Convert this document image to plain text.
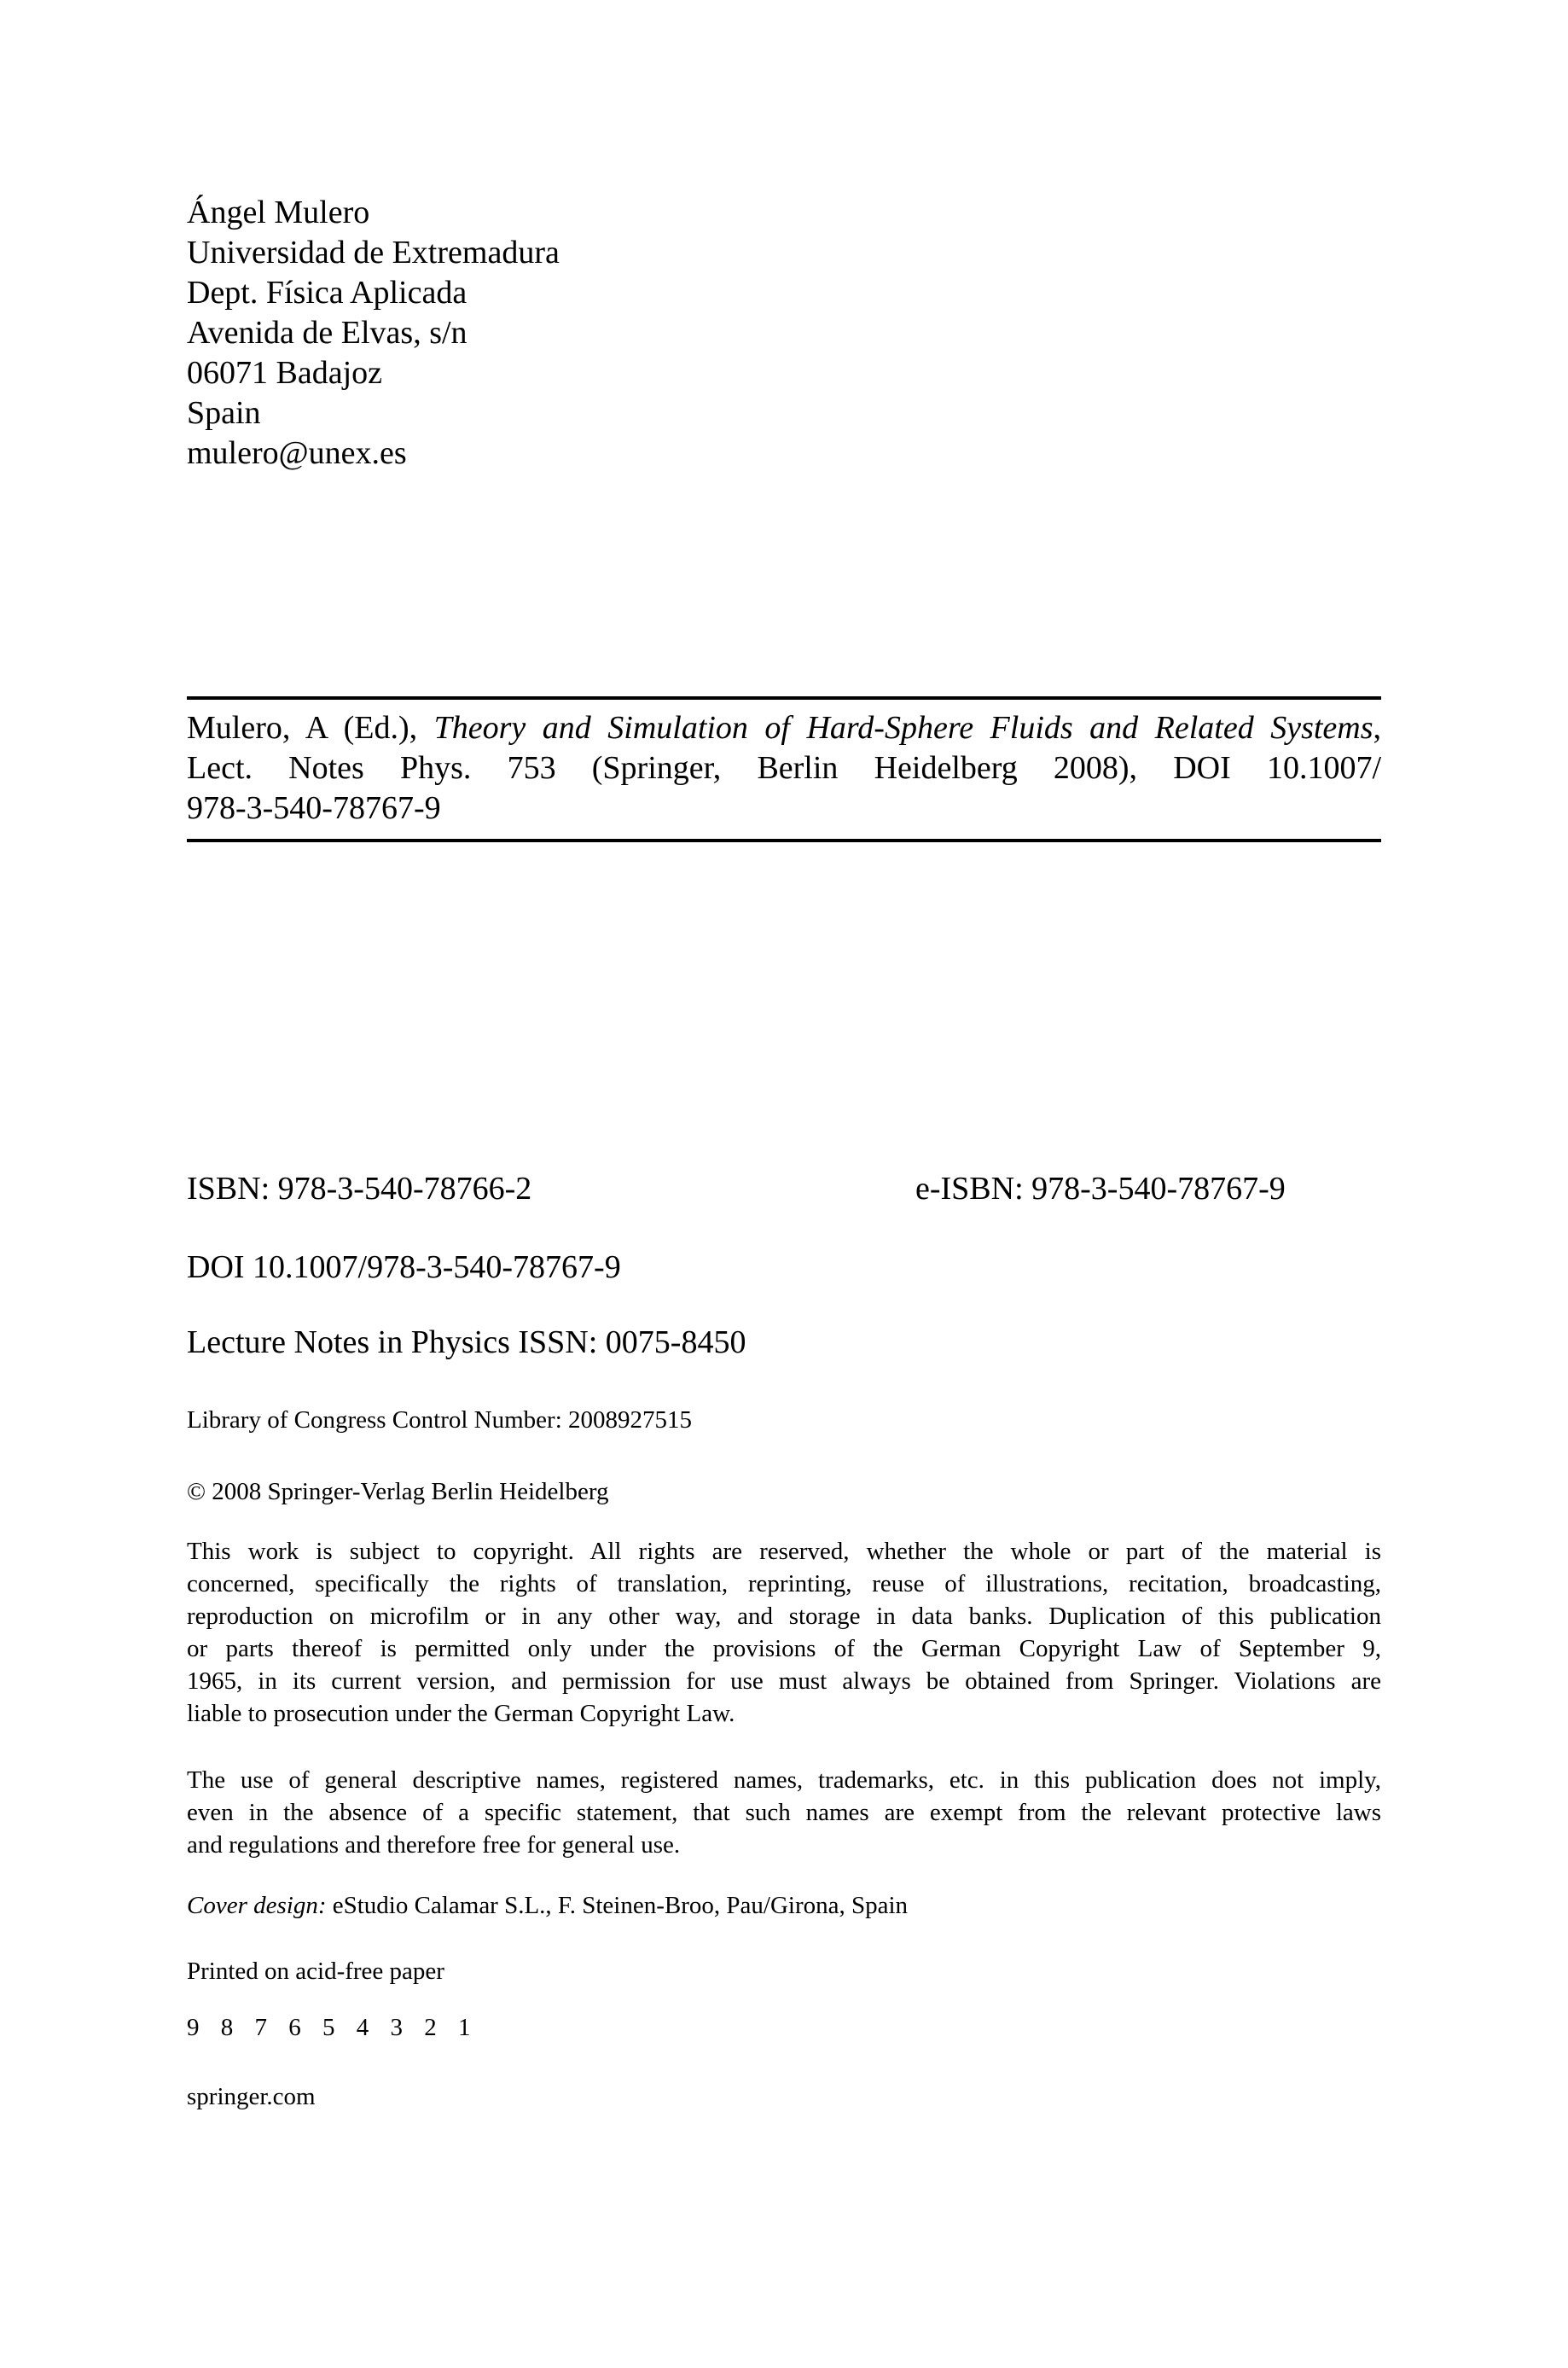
Ángel Mulero
Universidad de Extremadura
Dept. Física Aplicada
Avenida de Elvas, s/n
06071 Badajoz
Spain
mulero@unex.es
Mulero, A (Ed.), Theory and Simulation of Hard-Sphere Fluids and Related Systems,
Lect. Notes Phys. 753 (Springer, Berlin Heidelberg 2008), DOI 10.1007/
978-3-540-78767-9
ISBN: 978-3-540-78766-2	e-ISBN: 978-3-540-78767-9
DOI 10.1007/978-3-540-78767-9
Lecture Notes in Physics ISSN: 0075-8450
Library of Congress Control Number: 2008927515
© 2008 Springer-Verlag Berlin Heidelberg
This work is subject to copyright. All rights are reserved, whether the whole or part of the material is
concerned, specifically the rights of translation, reprinting, reuse of illustrations, recitation, broadcasting,
reproduction on microfilm or in any other way, and storage in data banks. Duplication of this publication
or parts thereof is permitted only under the provisions of the German Copyright Law of September 9,
1965, in its current version, and permission for use must always be obtained from Springer. Violations are
liable to prosecution under the German Copyright Law.
The use of general descriptive names, registered names, trademarks, etc. in this publication does not imply,
even in the absence of a specific statement, that such names are exempt from the relevant protective laws
and regulations and therefore free for general use.
Cover design: eStudio Calamar S.L., F. Steinen-Broo, Pau/Girona, Spain
Printed on acid-free paper
9 8 7 6 5 4 3 2 1
springer.com
